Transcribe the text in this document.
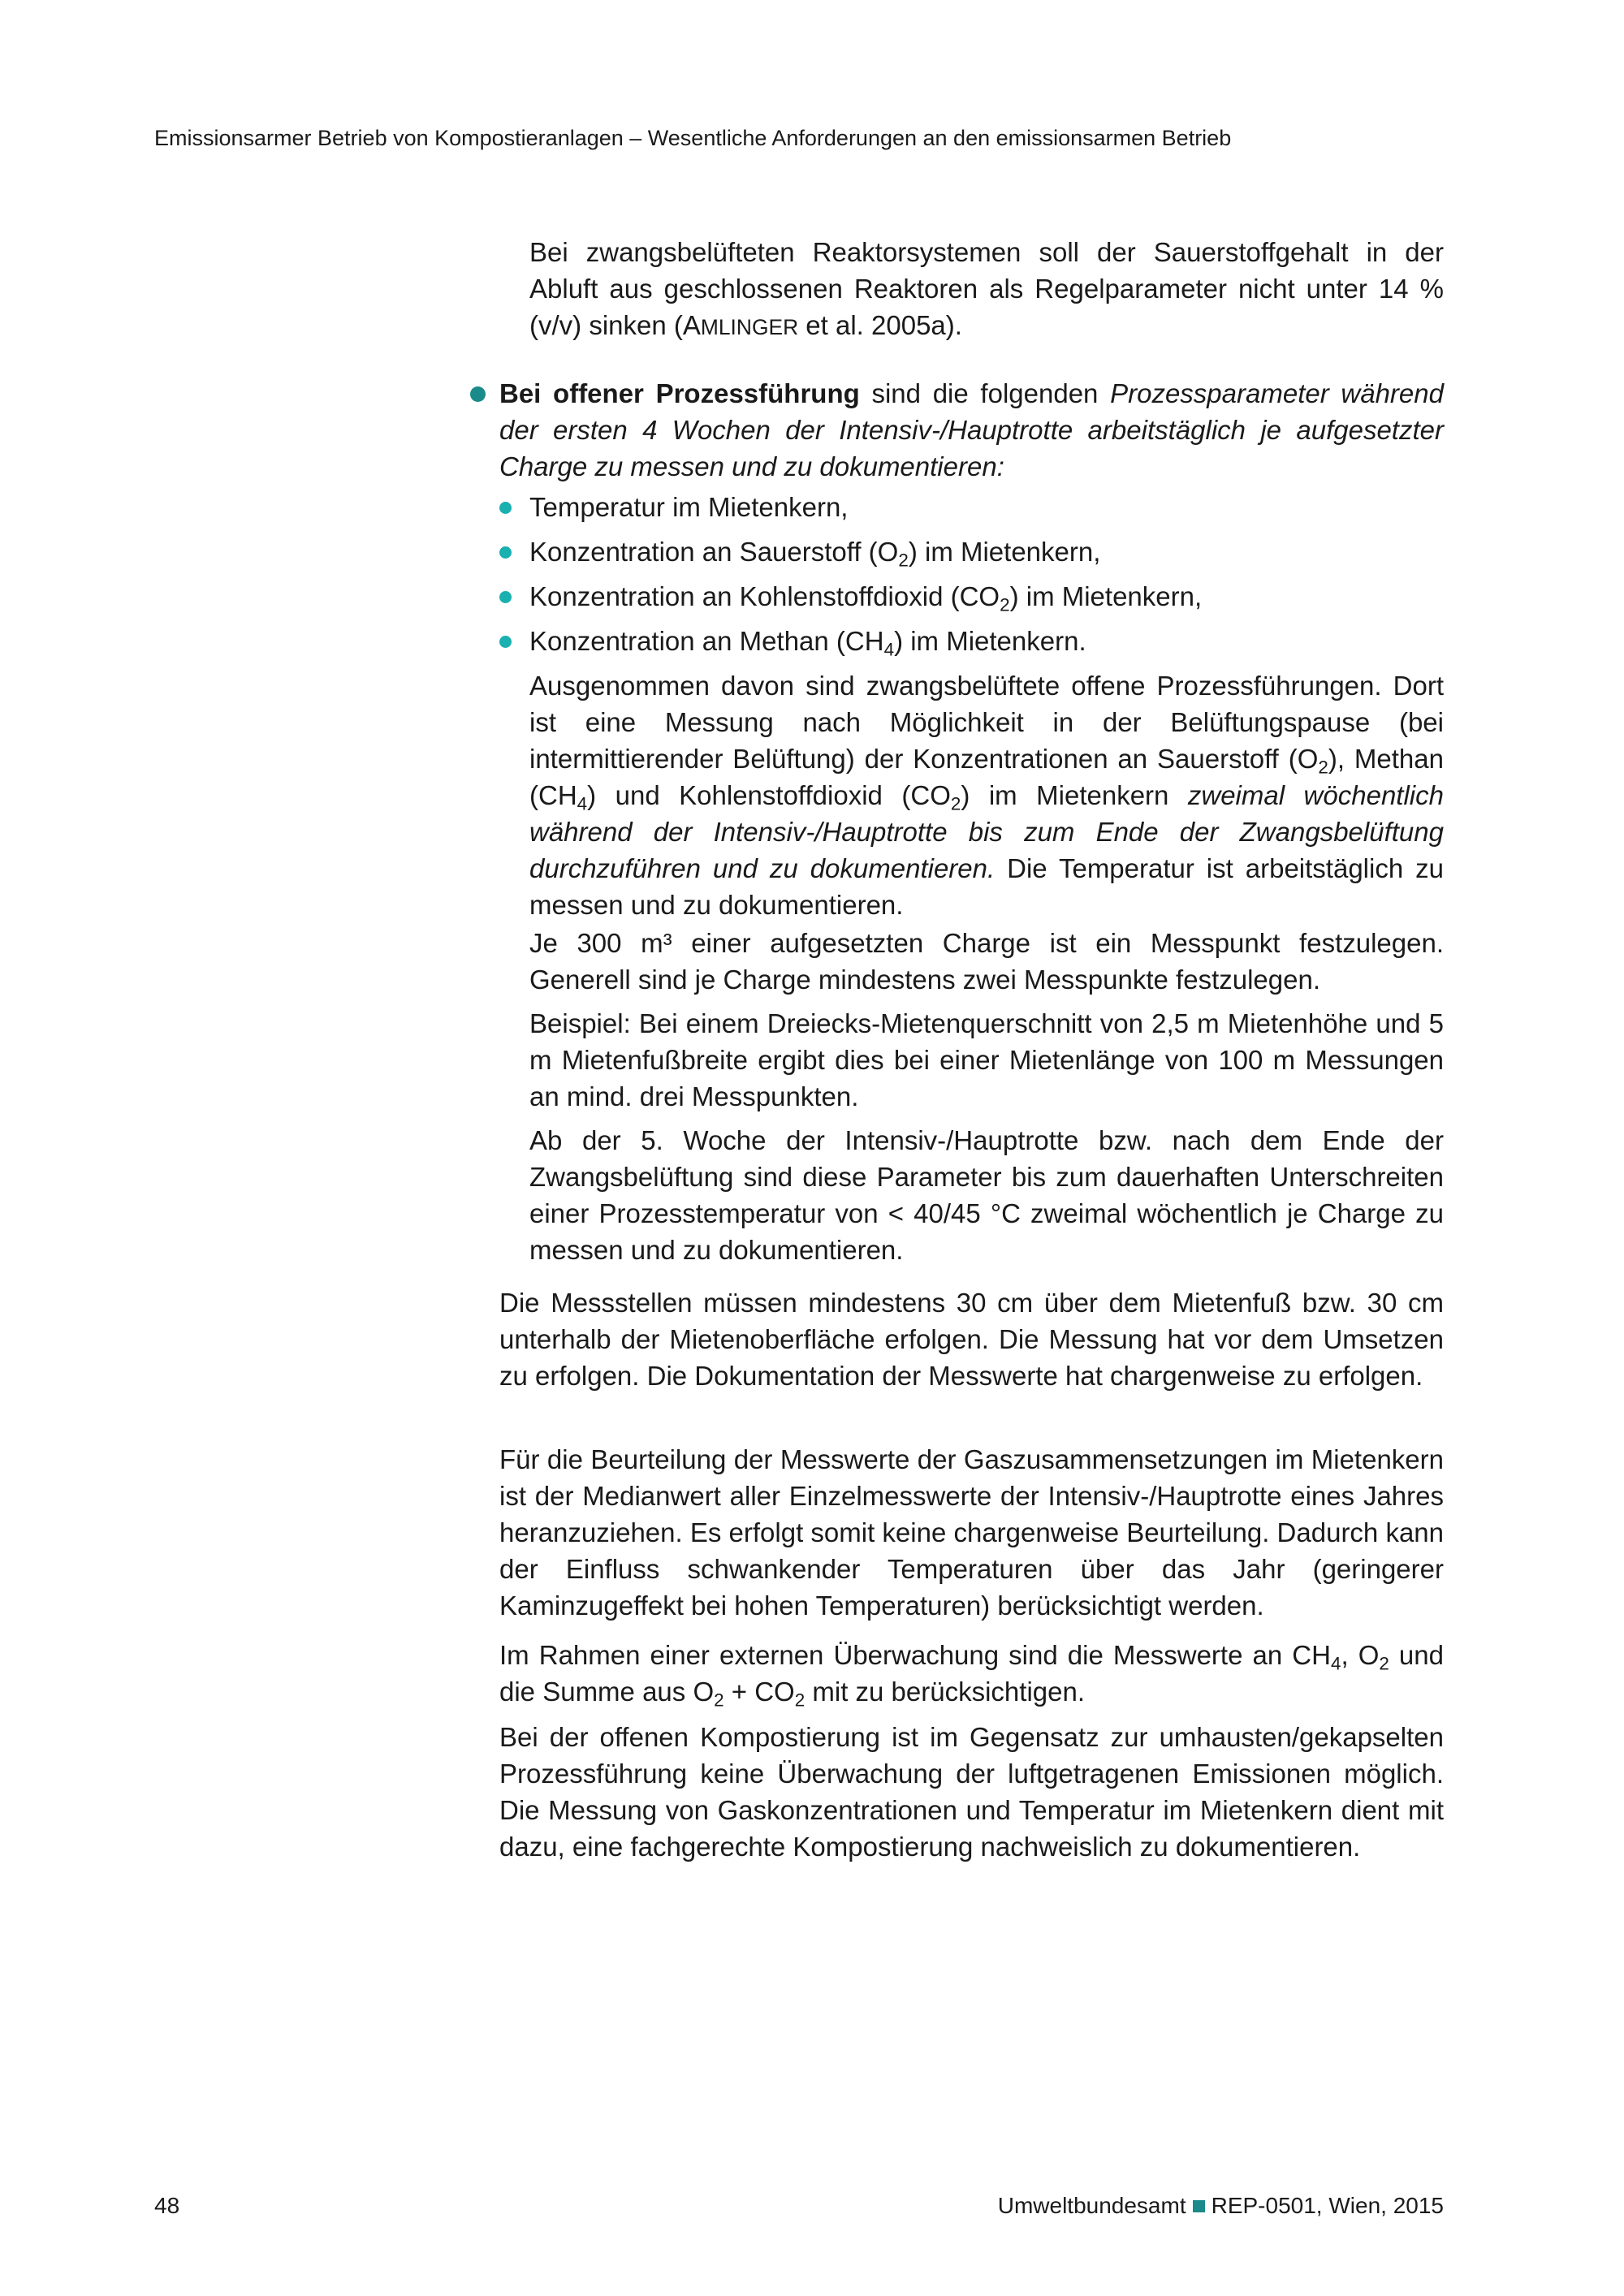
Emissionsarmer Betrieb von Kompostieranlagen – Wesentliche Anforderungen an den emissionsarmen Betrieb

Bei zwangsbelüfteten Reaktorsystemen soll der Sauerstoffgehalt in der Abluft aus geschlossenen Reaktoren als Regelparameter nicht unter 14 % (v/v) sinken (AMLINGER et al. 2005a).

Bei offener Prozessführung sind die folgenden Prozessparameter während der ersten 4 Wochen der Intensiv-/Hauptrotte arbeitstäglich je aufgesetzter Charge zu messen und zu dokumentieren:

Temperatur im Mietenkern,

Konzentration an Sauerstoff $(O_2)$ im Mietenkern,

Konzentration an Kohlenstoffdioxid $(CO_2)$ im Mietenkern,

Konzentration an Methan $(CH_4)$ im Mietenkern.

Ausgenommen davon sind zwangsbelüftete offene Prozessführungen. Dort ist eine Messung nach Möglichkeit in der Belüftungspause (bei intermittierender Belüftung) der Konzentrationen an Sauerstoff $(O_2)$, Methan $(CH_4)$ und Kohlenstoffdioxid $(CO_2)$ im Mietenkern zweimal wöchentlich während der Intensiv-/Hauptrotte bis zum Ende der Zwangsbelüftung durchzuführen und zu dokumentieren. Die Temperatur ist arbeitstäglich zu messen und zu dokumentieren.

Je 300 m³ einer aufgesetzten Charge ist ein Messpunkt festzulegen. Generell sind je Charge mindestens zwei Messpunkte festzulegen.

Beispiel: Bei einem Dreiecks-Mietenquerschnitt von 2,5 m Mietenhöhe und 5 m Mietenfußbreite ergibt dies bei einer Mietenlänge von 100 m Messungen an mind. drei Messpunkten.

Ab der 5. Woche der Intensiv-/Hauptrotte bzw. nach dem Ende der Zwangsbelüftung sind diese Parameter bis zum dauerhaften Unterschreiten einer Prozesstemperatur von < 40/45 °C zweimal wöchentlich je Charge zu messen und zu dokumentieren.

Die Messstellen müssen mindestens 30 cm über dem Mietenfuß bzw. 30 cm unterhalb der Mietenoberfläche erfolgen. Die Messung hat vor dem Umsetzen zu erfolgen. Die Dokumentation der Messwerte hat chargenweise zu erfolgen.

Für die Beurteilung der Messwerte der Gaszusammensetzungen im Mietenkern ist der Medianwert aller Einzelmesswerte der Intensiv-/Hauptrotte eines Jahres heranzuziehen. Es erfolgt somit keine chargenweise Beurteilung. Dadurch kann der Einfluss schwankender Temperaturen über das Jahr (geringerer Kaminzugeffekt bei hohen Temperaturen) berücksichtigt werden.

Im Rahmen einer externen Überwachung sind die Messwerte an $CH_4$, $O_2$ und die Summe aus $O_2 + CO_2$ mit zu berücksichtigen.

Bei der offenen Kompostierung ist im Gegensatz zur umhausten/gekapselten Prozessführung keine Überwachung der luftgetragenen Emissionen möglich. Die Messung von Gaskonzentrationen und Temperatur im Mietenkern dient mit dazu, eine fachgerechte Kompostierung nachweislich zu dokumentieren.

48	Umweltbundesamt REP-0501, Wien, 2015
